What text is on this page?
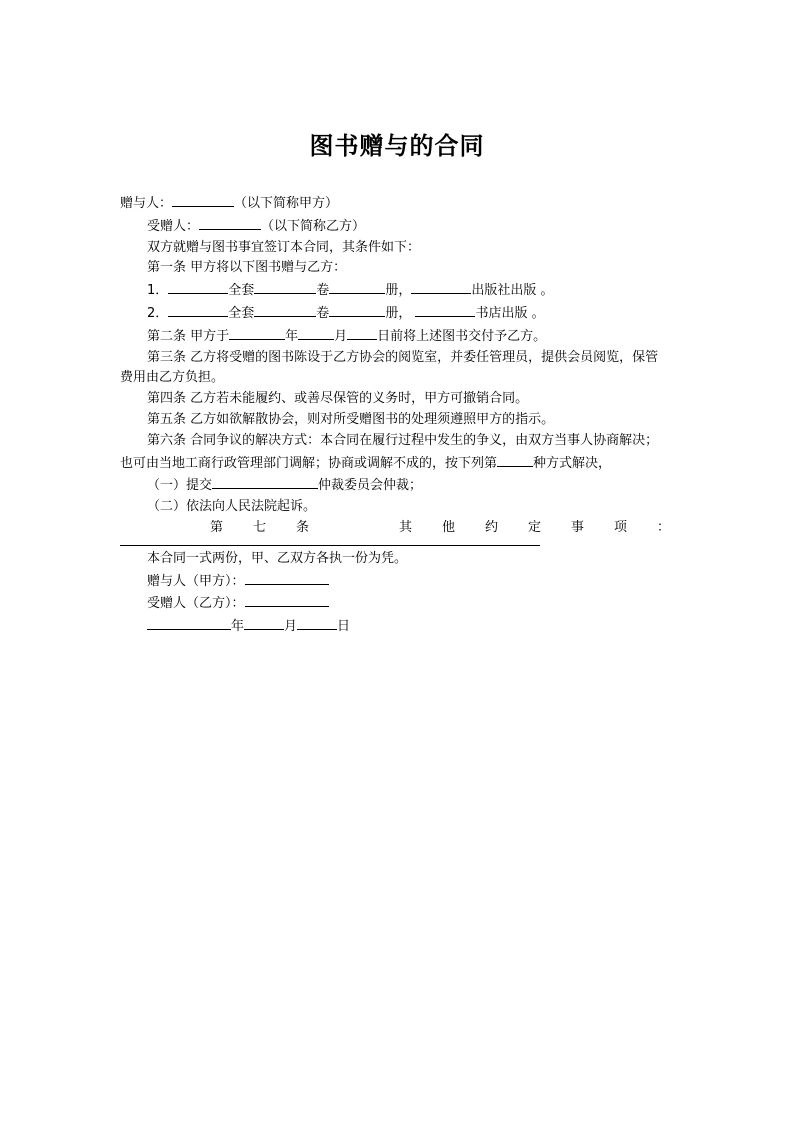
图书赠与的合同
赠与人：	（以下简称甲方）
受赠人：	（以下简称乙方）
双方就赠与图书事宜签订本合同，其条件如下：
第一条 甲方将以下图书赠与乙方：
1．	全套	卷	册，	出版社出版 。
2．	全套	卷	册，	书店出版 。
第二条 甲方于	年	月 日前将上述图书交付予乙方。
第三条 乙方将受赠的图书陈设于乙方协会的阅览室，并委任管理员，提供会员阅览，保管费用由乙方负担。
第四条 乙方若未能履约、或善尽保管的义务时，甲方可撤销合同。
第五条 乙方如欲解散协会，则对所受赠图书的处理须遵照甲方的指示。
第六条 合同争议的解决方式：本合同在履行过程中发生的争义，由双方当事人协商解决；也可由当地工商行政管理部门调解；协商或调解不成的，按下列第	种方式解决，
（一）提交	仲裁委员会仲裁；
（二）依法向人民法院起诉。
第 七 条	其 他 约 定 事 项 ：
本合同一式两份，甲、乙双方各执一份为凭。
赠与人（甲方）：
受赠人（乙方）：
年	月	日
